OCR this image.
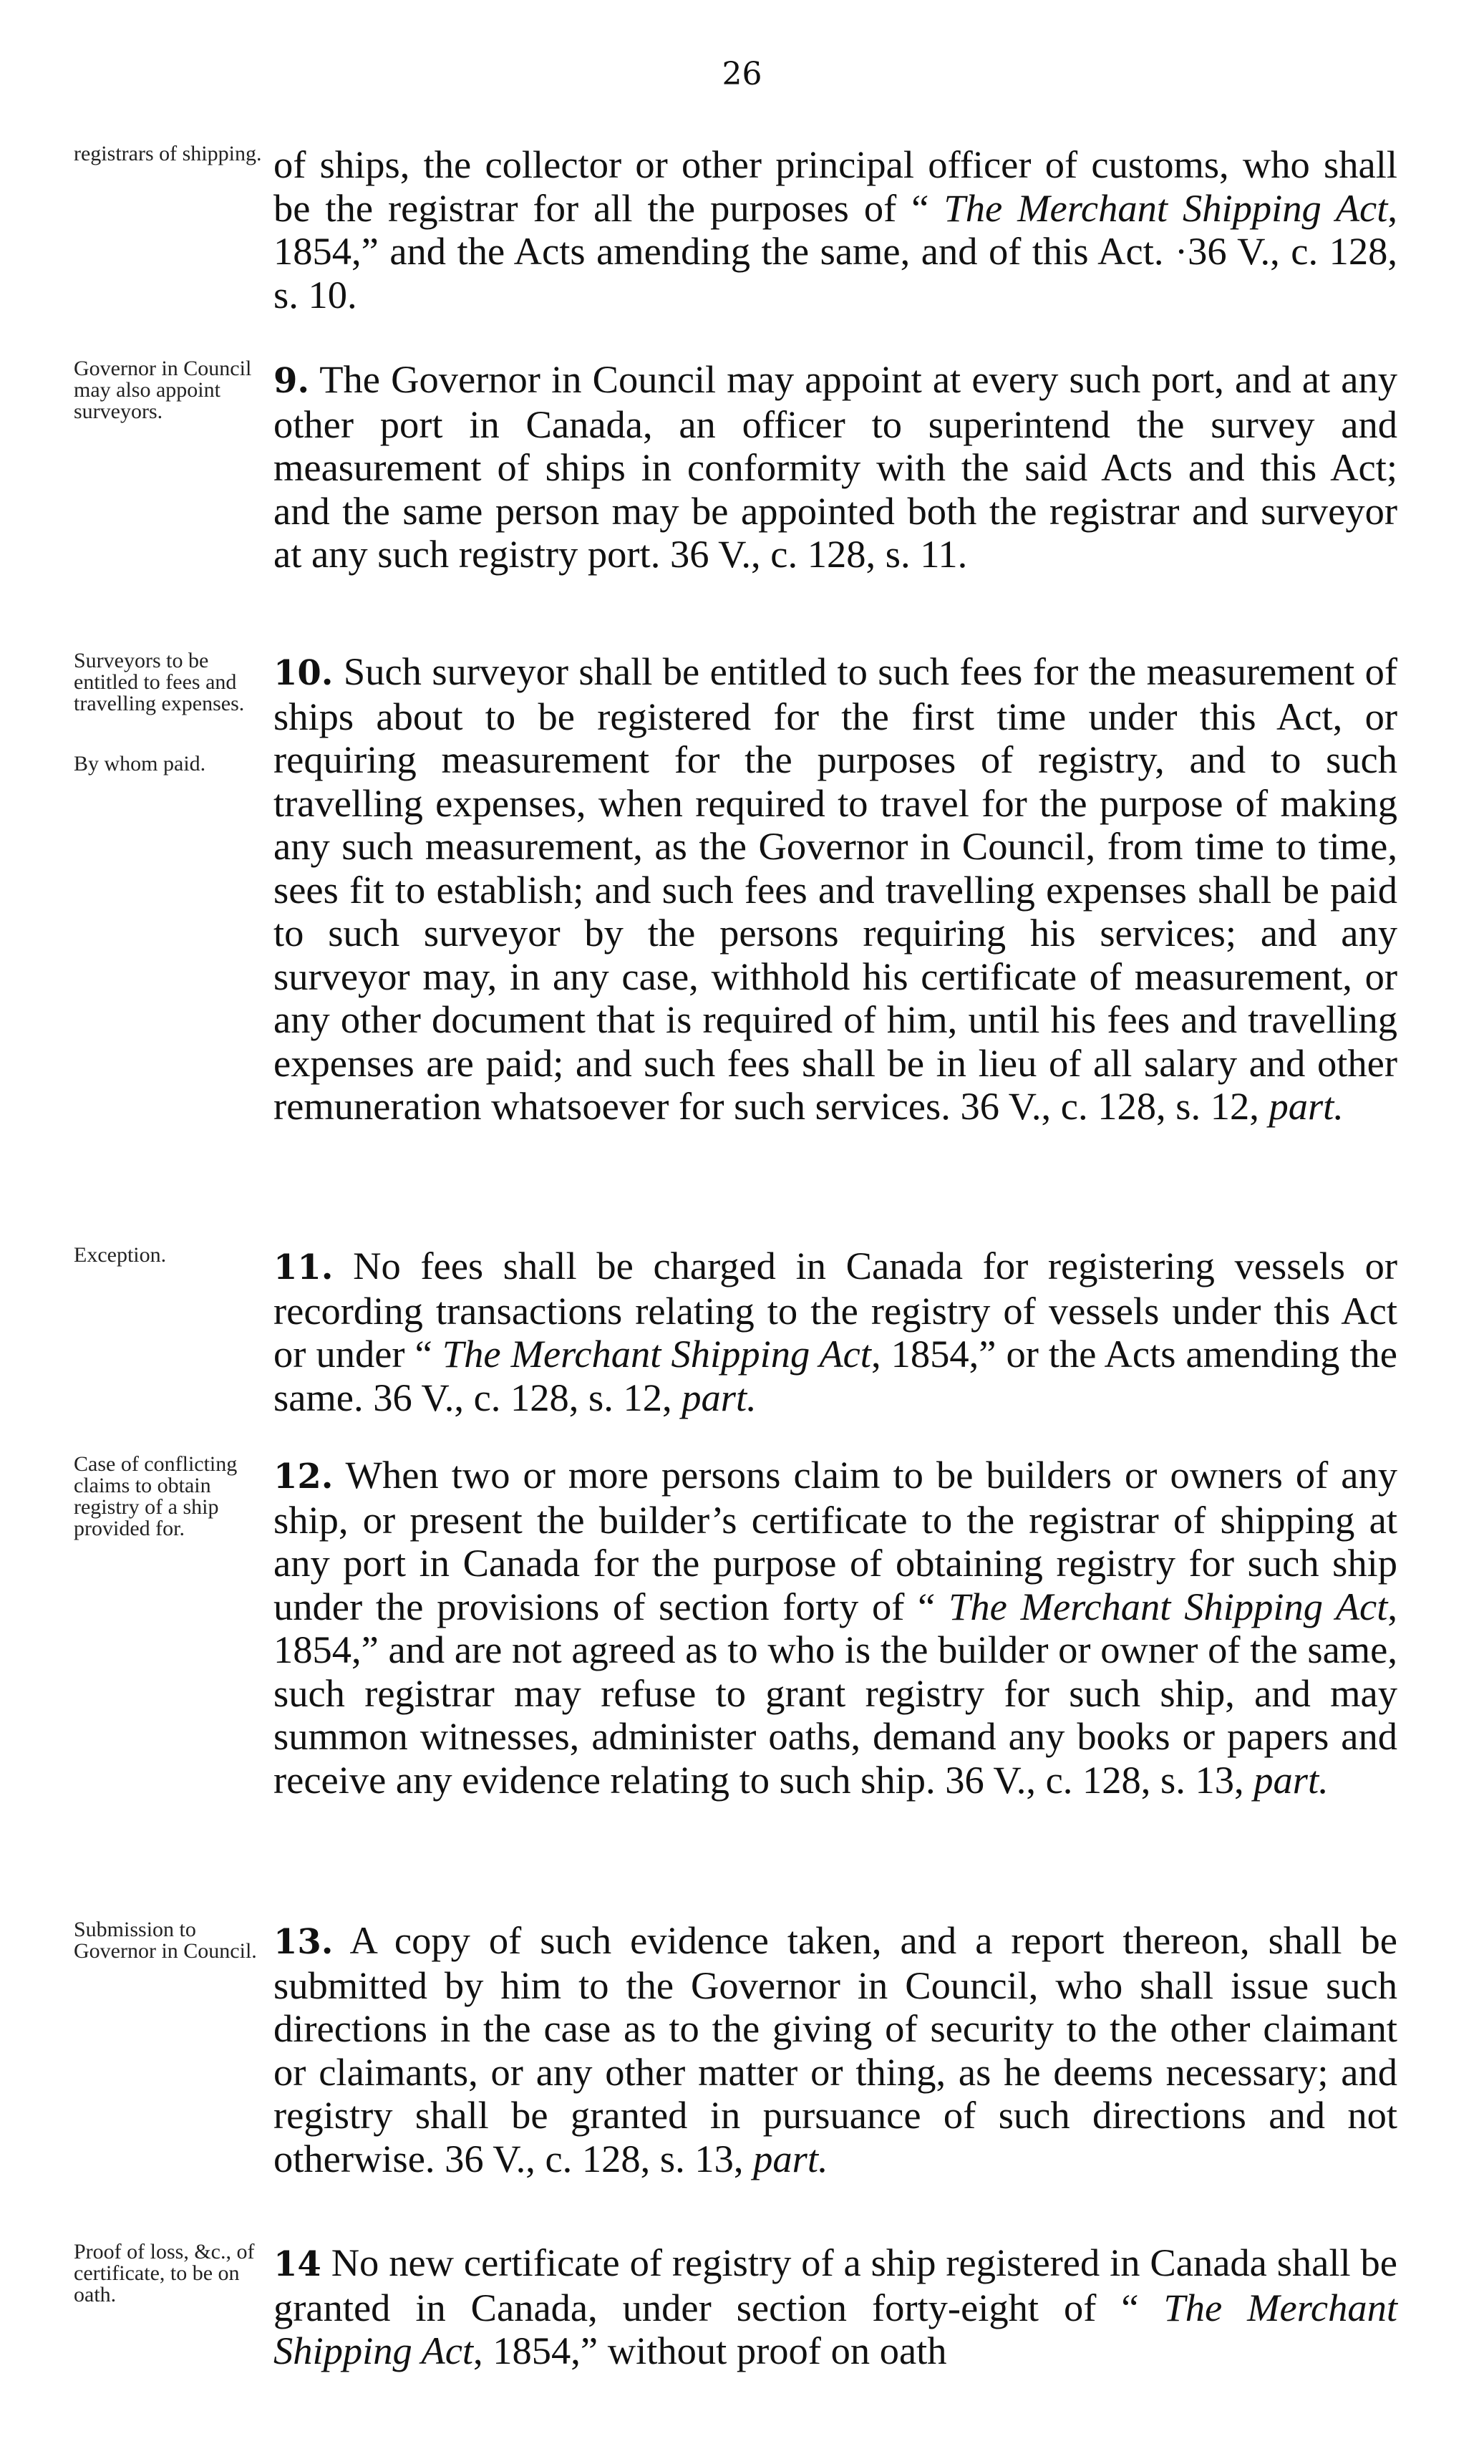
26
registrars of shipping. of ships, the collector or other principal officer of customs, who shall be the registrar for all the purposes of “ The Merchant Shipping Act, 1854,” and the Acts amending the same, and of this Act. ·36 V., c. 128, s. 10.
Governor in Council may also appoint surveyors.
9. The Governor in Council may appoint at every such port, and at any other port in Canada, an officer to superintend the survey and measurement of ships in conformity with the said Acts and this Act; and the same person may be appointed both the registrar and surveyor at any such registry port. 36 V., c. 128, s. 11.
Surveyors to be entitled to fees and travelling expenses.
By whom paid.
10. Such surveyor shall be entitled to such fees for the measurement of ships about to be registered for the first time under this Act, or requiring measurement for the purposes of registry, and to such travelling expenses, when required to travel for the purpose of making any such measurement, as the Governor in Council, from time to time, sees fit to establish; and such fees and travelling expenses shall be paid to such surveyor by the persons requiring his services; and any surveyor may, in any case, withhold his certificate of measurement, or any other document that is required of him, until his fees and travelling expenses are paid; and such fees shall be in lieu of all salary and other remuneration whatsoever for such services. 36 V., c. 128, s. 12, part.
Exception.	11. No fees shall be charged in Canada for registering vessels or recording transactions relating to the registry of vessels under this Act or under “ The Merchant Shipping Act, 1854,” or the Acts amending the same. 36 V., c. 128, s. 12, part.
Case of conflicting claims to obtain registry of a ship provided for.
12. When two or more persons claim to be builders or owners of any ship, or present the builder’s certificate to the registrar of shipping at any port in Canada for the purpose of obtaining registry for such ship under the provisions of section forty of “ The Merchant Shipping Act, 1854,” and are not agreed as to who is the builder or owner of the same, such registrar may refuse to grant registry for such ship, and may summon witnesses, administer oaths, demand any books or papers and receive any evidence relating to such ship. 36 V., c. 128, s. 13, part.
Submission to Governor in Council. 13. A copy of such evidence taken, and a report thereon, shall be submitted by him to the Governor in Council, who shall issue such directions in the case as to the giving of security to the other claimant or claimants, or any other matter or thing, as he deems necessary; and registry shall be granted in pursuance of such directions and not otherwise. 36 V., c. 128, s. 13, part.
Proof of loss, &c., of certificate, to be on oath.
14 No new certificate of registry of a ship registered in Canada shall be granted in Canada, under section forty-eight of “ The Merchant Shipping Act, 1854,” without proof on oath
